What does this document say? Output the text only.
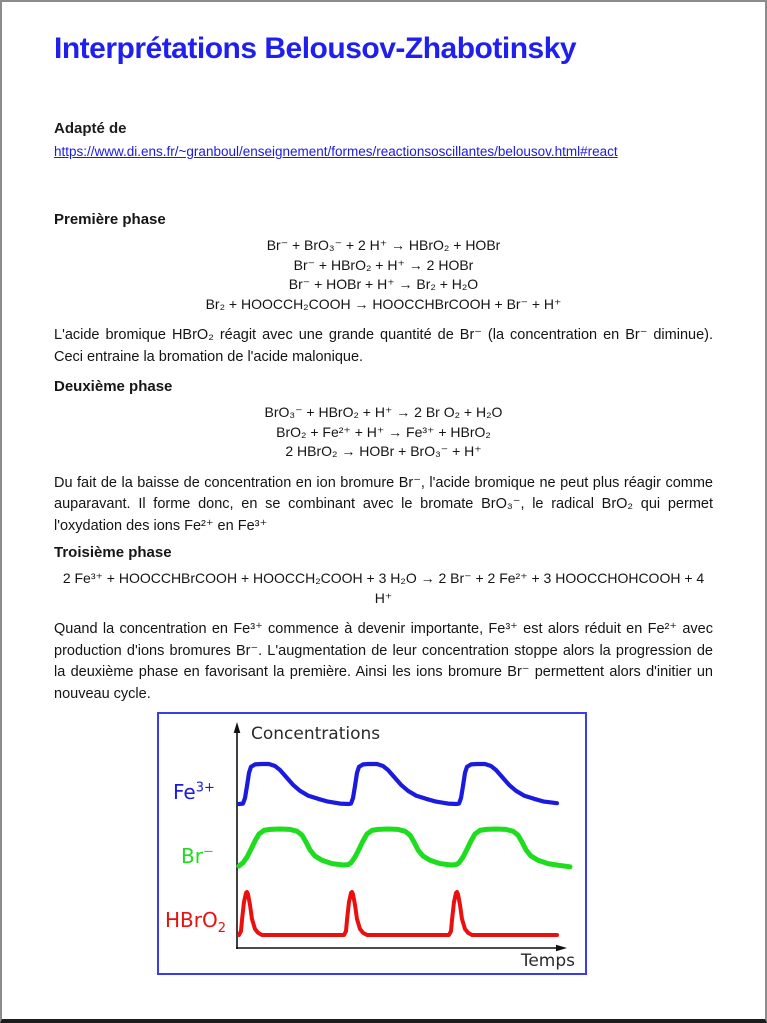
Interprétations Belousov-Zhabotinsky

Adapté de

https://www.di.ens.fr/~granboul/enseignement/formes/reactionsoscillantes/belousov.html#react
Première phase
Br⁻ + BrO₃⁻ + 2 H⁺ → HBrO₂ + HOBr
Br⁻ + HBrO₂ + H⁺ → 2 HOBr
Br⁻ + HOBr + H⁺ → Br₂ + H₂O
Br₂ + HOOCCH₂COOH → HOOCCHBrCOOH + Br⁻ + H⁺

L'acide bromique HBrO₂ réagit avec une grande quantité de Br⁻ (la concentration en Br⁻ diminue). Ceci entraine la bromation de l'acide malonique.

Deuxième phase
BrO₃⁻ + HBrO₂ + H⁺ → 2 Br O₂ + H₂O
BrO₂ + Fe²⁺ + H⁺ → Fe³⁺ + HBrO₂
2 HBrO₂ → HOBr + BrO₃⁻ + H⁺

Du fait de la baisse de concentration en ion bromure Br⁻, l'acide bromique ne peut plus réagir comme auparavant. Il forme donc, en se combinant avec le bromate BrO₃⁻, le radical BrO₂ qui permet l'oxydation des ions Fe²⁺ en Fe³⁺

Troisième phase
2 Fe³⁺ + HOOCCHBrCOOH + HOOCCH₂COOH + 3 H₂O → 2 Br⁻ + 2 Fe²⁺ + 3 HOOCCHOHCOOH + 4 H⁺

Quand la concentration en Fe³⁺ commence à devenir importante, Fe³⁺ est alors réduit en Fe²⁺ avec production d'ions bromures Br⁻. L'augmentation de leur concentration stoppe alors la progression de la deuxième phase en favorisant la première. Ainsi les ions bromure Br⁻ permettent alors d'initier un nouveau cycle.

Concentrations
Temps
$Fe^{3+}$
Br−
HBrO$_2$
